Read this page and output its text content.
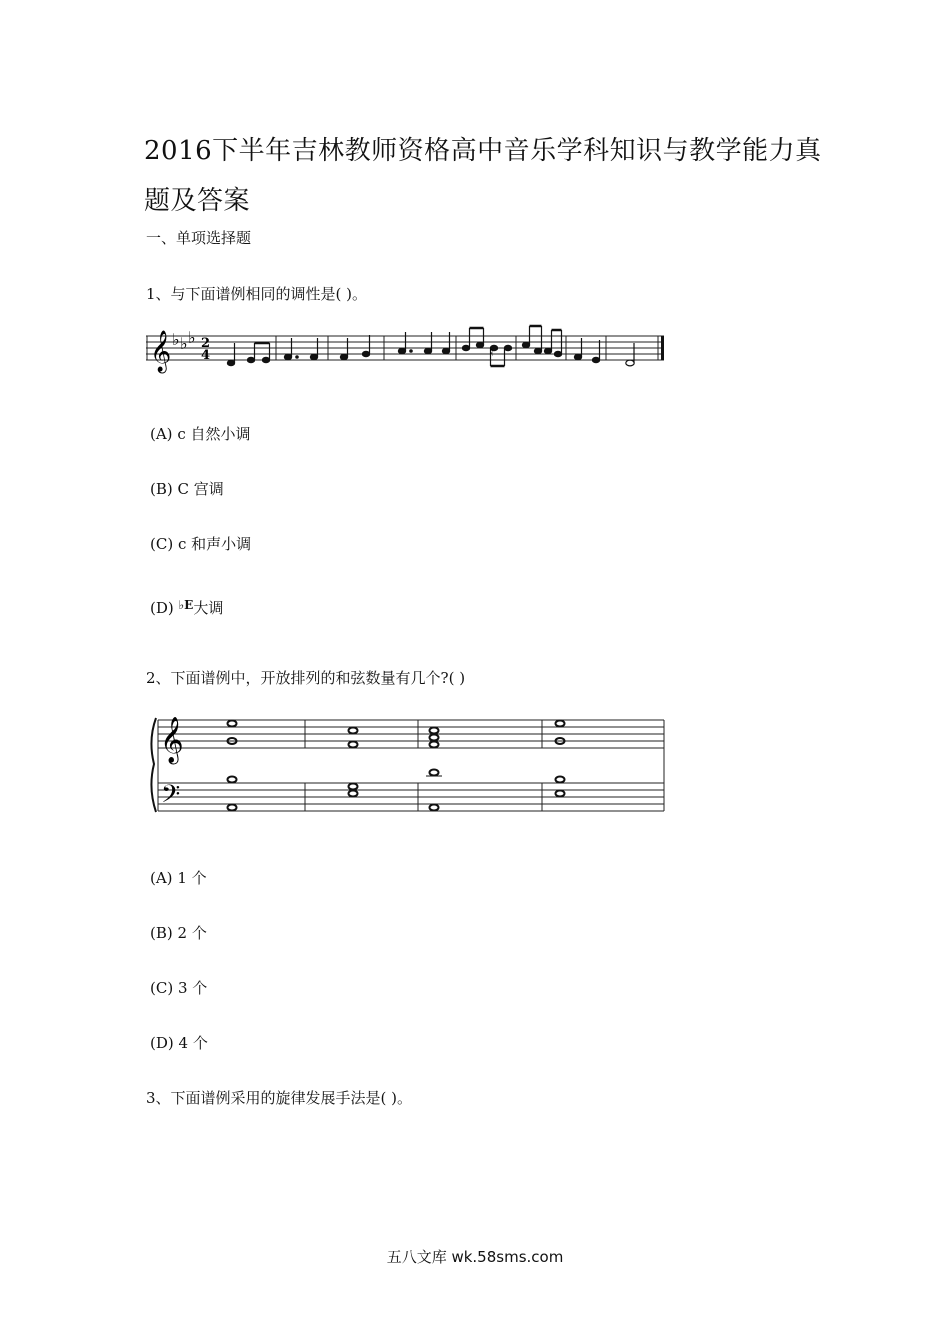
2016下半年吉林教师资格高中音乐学科知识与教学能力真
题及答案
一、单项选择题
1、与下面谱例相同的调性是( )。
𝄞 ♭ ♭ ♭ 2
4	♮
(A) c 自然小调
(B) C 宫调
(C) c 和声小调
(D) $^{♭E}$大调
2、下面谱例中，开放排列的和弦数量有几个?( )
𝄞
𝄢
(A) 1 个
(B) 2 个
(C) 3 个
(D) 4 个
3、下面谱例采用的旋律发展手法是( )。
五八文库 wk.58sms.com
